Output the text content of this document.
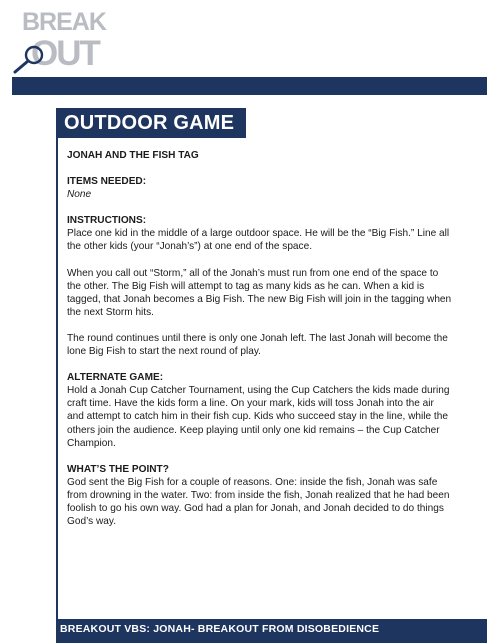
BREAK
OUT
OUTDOOR GAME
JONAH AND THE FISH TAG
ITEMS NEEDED:
None
INSTRUCTIONS:

Place one kid in the middle of a large outdoor space. He will be the “Big Fish.” Line all the other kids (your “Jonah’s”) at one end of the space.

When you call out “Storm,” all of the Jonah’s must run from one end of the space to the other. The Big Fish will attempt to tag as many kids as he can. When a kid is tagged, that Jonah becomes a Big Fish. The new Big Fish will join in the tagging when the next Storm hits.

The round continues until there is only one Jonah left. The last Jonah will become the lone Big Fish to start the next round of play.

ALTERNATE GAME:

Hold a Jonah Cup Catcher Tournament, using the Cup Catchers the kids made during craft time. Have the kids form a line. On your mark, kids will toss Jonah into the air and attempt to catch him in their fish cup. Kids who succeed stay in the line, while the others join the audience. Keep playing until only one kid remains – the Cup Catcher Champion.

WHAT’S THE POINT?

God sent the Big Fish for a couple of reasons. One: inside the fish, Jonah was safe from drowning in the water. Two: from inside the fish, Jonah realized that he had been foolish to go his own way. God had a plan for Jonah, and Jonah decided to do things God’s way.

BREAKOUT VBS: JONAH- BREAKOUT FROM DISOBEDIENCE
